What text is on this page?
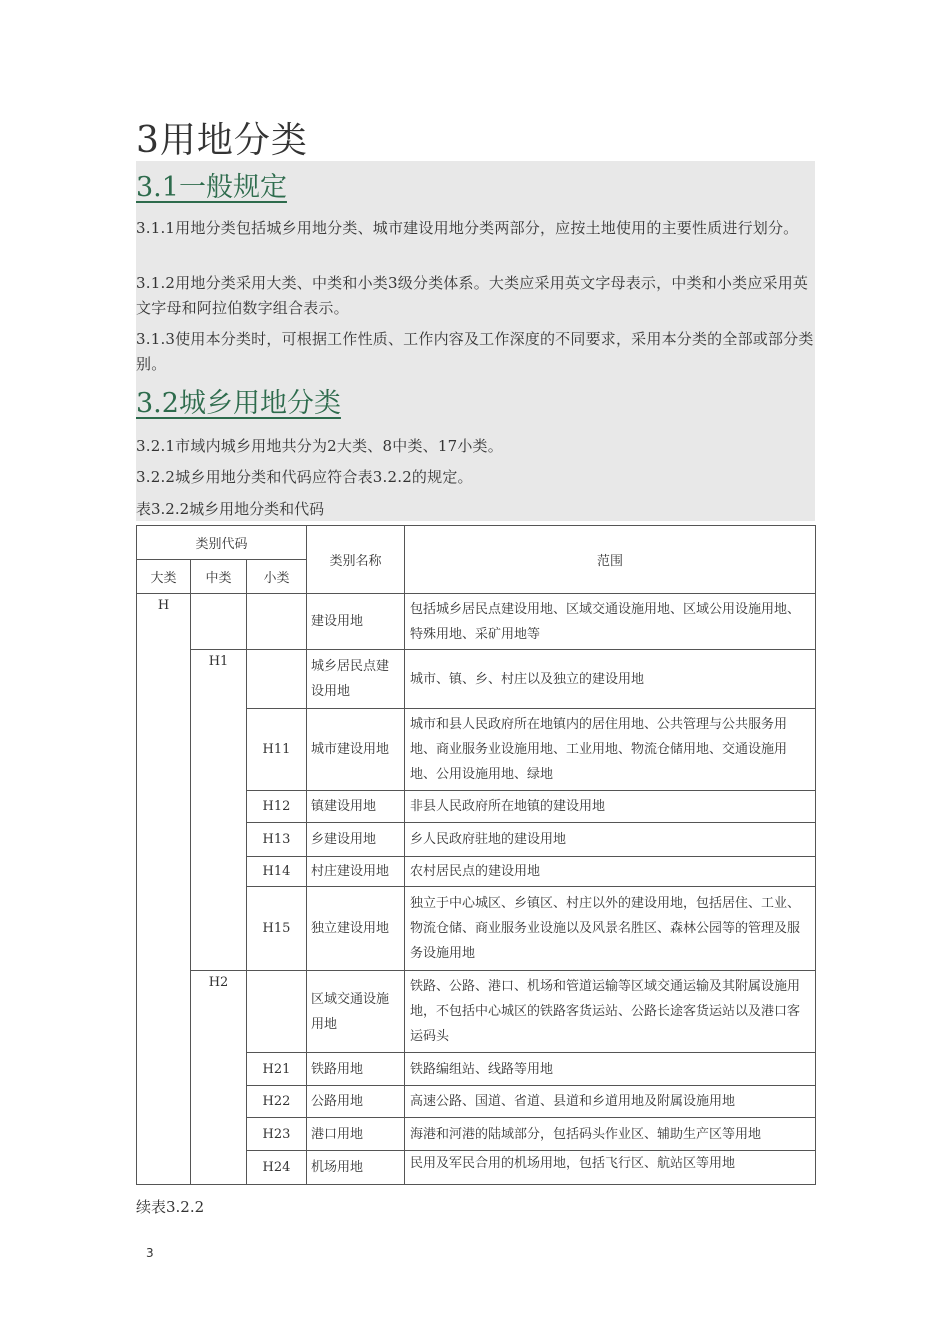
3用地分类
3.1一般规定
3.1.1用地分类包括城乡用地分类、城市建设用地分类两部分，应按土地使用的主要性质进行划分。
3.1.2用地分类采用大类、中类和小类3级分类体系。大类应采用英文字母表示，中类和小类应采用英文字母和阿拉伯数字组合表示。
3.1.3使用本分类时，可根据工作性质、工作内容及工作深度的不同要求，采用本分类的全部或部分类别。
3.2城乡用地分类
3.2.1市域内城乡用地共分为2大类、8中类、17小类。
3.2.2城乡用地分类和代码应符合表3.2.2的规定。
表3.2.2城乡用地分类和代码
类别代码			类别名称	范围
大类	中类	小类		
H			建设用地	包括城乡居民点建设用地、区域交通设施用地、区域公用设施用地、特殊用地、采矿用地等
	H1		城乡居民点建设用地	城市、镇、乡、村庄以及独立的建设用地
		H11	城市建设用地	城市和县人民政府所在地镇内的居住用地、公共管理与公共服务用地、商业服务业设施用地、工业用地、物流仓储用地、交通设施用地、公用设施用地、绿地
		H12	镇建设用地	非县人民政府所在地镇的建设用地
		H13	乡建设用地	乡人民政府驻地的建设用地
		H14	村庄建设用地	农村居民点的建设用地
		H15	独立建设用地	独立于中心城区、乡镇区、村庄以外的建设用地，包括居住、工业、物流仓储、商业服务业设施以及风景名胜区、森林公园等的管理及服务设施用地
	H2		区域交通设施用地	铁路、公路、港口、机场和管道运输等区域交通运输及其附属设施用地，不包括中心城区的铁路客货运站、公路长途客货运站以及港口客运码头
		H21	铁路用地	铁路编组站、线路等用地
		H22	公路用地	高速公路、国道、省道、县道和乡道用地及附属设施用地
		H23	港口用地	海港和河港的陆域部分，包括码头作业区、辅助生产区等用地
		H24	机场用地	民用及军民合用的机场用地，包括飞行区、航站区等用地
续表3.2.2
3
